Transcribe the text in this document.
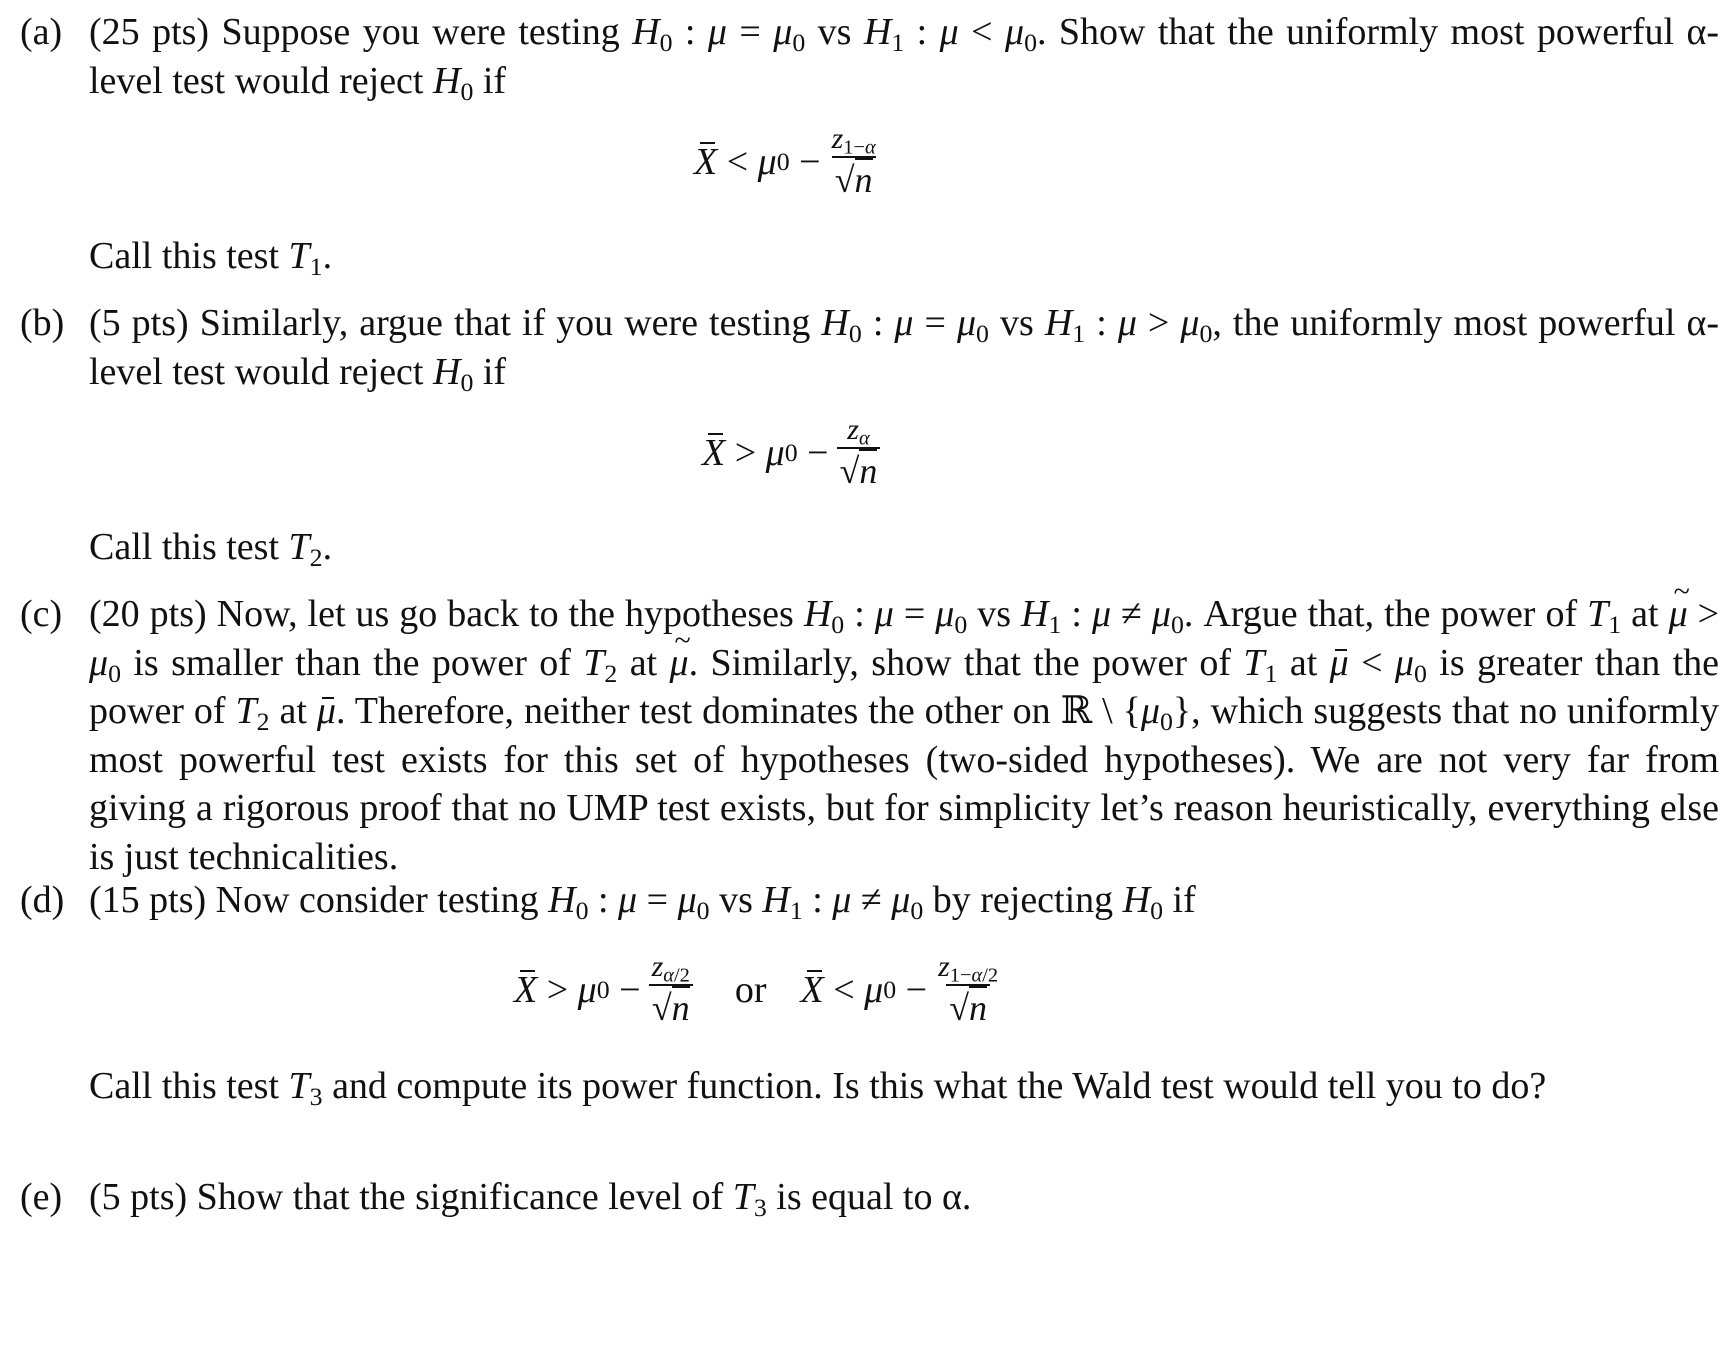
(a) (25 pts) Suppose you were testing $H_0$ : $\mu = \mu_0$ vs $H_1$ : $\mu < \mu_0$. Show that the uniformly most powerful α-level test would reject $H_0$ if
X < μ $0 - \frac{z_{1-\alpha}}{√n}$
Call this test $T_1$.
(b) (5 pts) Similarly, argue that if you were testing $H_0$ : $\mu = \mu_0$ vs $H_1$ : $\mu > \mu_0$, the uniformly most powerful α-level test would reject $H_0$ if
X > μ $0 - \frac{z_\alpha}{√n}$
Call this test $T_2$.
(c) (20 pts) Now, let us go back to the hypotheses $H_0$ : $\mu = \mu_0$ vs $H_1$ : $\mu \ne \mu_0$. Argue that, the power of $T_1$ at ~ $\mu > \mu_0$ is smaller than the power of $T_2$ at ~ μ. Similarly, show that the power of $T_1$ at $\mu < \mu_0$ is greater than the power of $T_2$ at μ. Therefore, neither test dominates the other on ℝ \ $\{\mu_0\}$, which suggests that no uniformly most powerful test exists for this set of hypotheses (two-sided hypotheses). We are not very far from giving a rigorous proof that no UMP test exists, but for simplicity let’s reason heuristically, everything else is just technicalities.
(d) (15 pts) Now consider testing $H_0$ : $\mu = \mu_0$ vs $H_1$ : $\mu \ne \mu_0$ by rejecting $H_0$ if
X > μ $0 - \frac{z_{\alpha/2}}{√n}$ or X < μ $0 - \frac{z_{1-\alpha/2}}{√n}$
Call this test $T_3$ and compute its power function. Is this what the Wald test would tell you to do?
(e) (5 pts) Show that the significance level of $T_3$ is equal to α.
